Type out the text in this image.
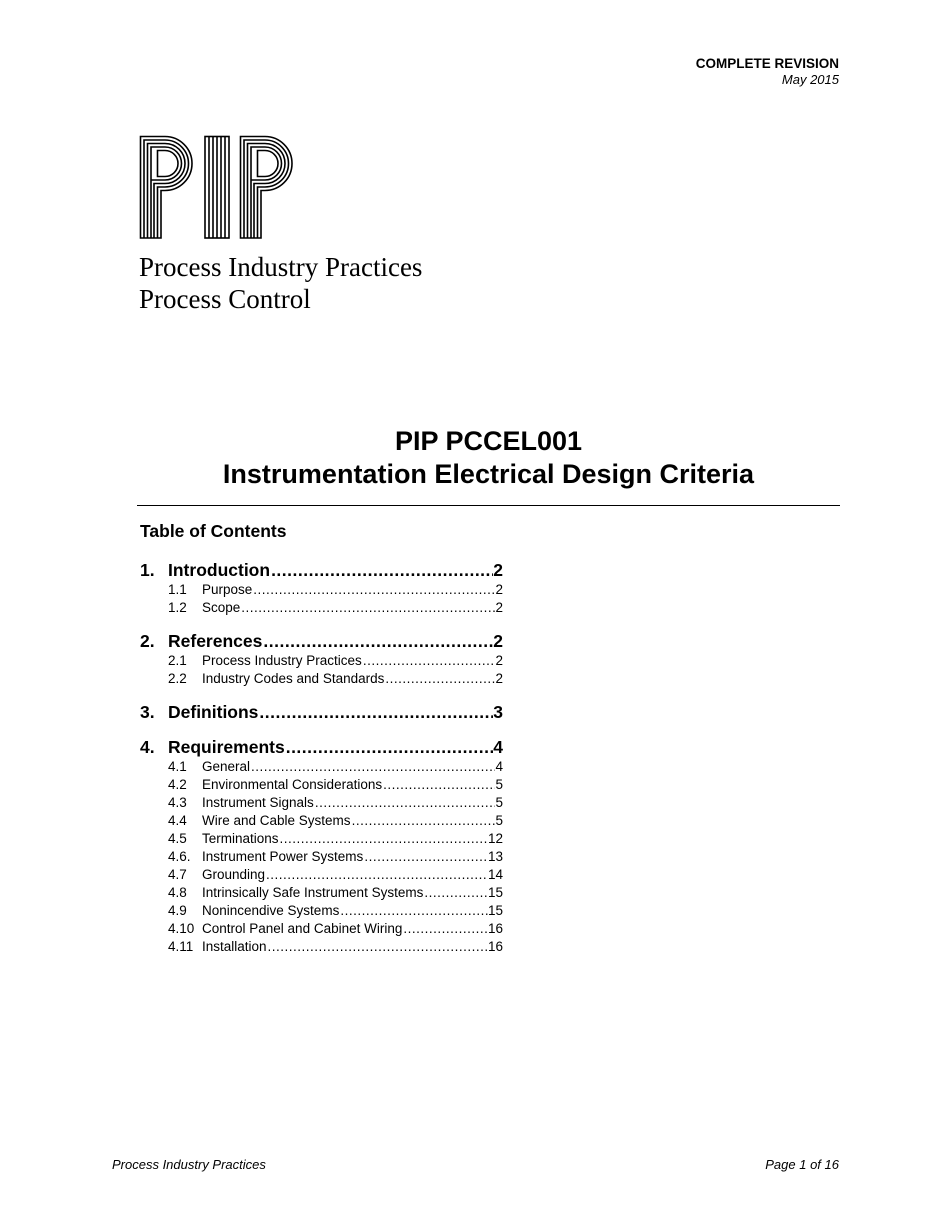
COMPLETE REVISION
May 2015
Process Industry Practices
Process Control
PIP PCCEL001
Instrumentation Electrical Design Criteria
Table of Contents
1. Introduction .....	2
1.1	Purpose .....	2
1.2	Scope .....	2
2. References .....	2
2.1	Process Industry Practices .....	2
2.2	Industry Codes and Standards .....	2
3. Definitions .....	3
4. Requirements .....	4
4.1	General .....	4
4.2	Environmental Considerations .....	5
4.3	Instrument Signals .....	5
4.4	Wire and Cable Systems .....	5
4.5	Terminations .....	12
4.6. Instrument Power Systems .....	13
4.7	Grounding .....	14
4.8	Intrinsically Safe Instrument Systems .....	15
4.9	Nonincendive Systems .....	15
4.10 Control Panel and Cabinet Wiring .....	16
4.11 Installation .....	16
Process Industry Practices	Page 1 of 16
